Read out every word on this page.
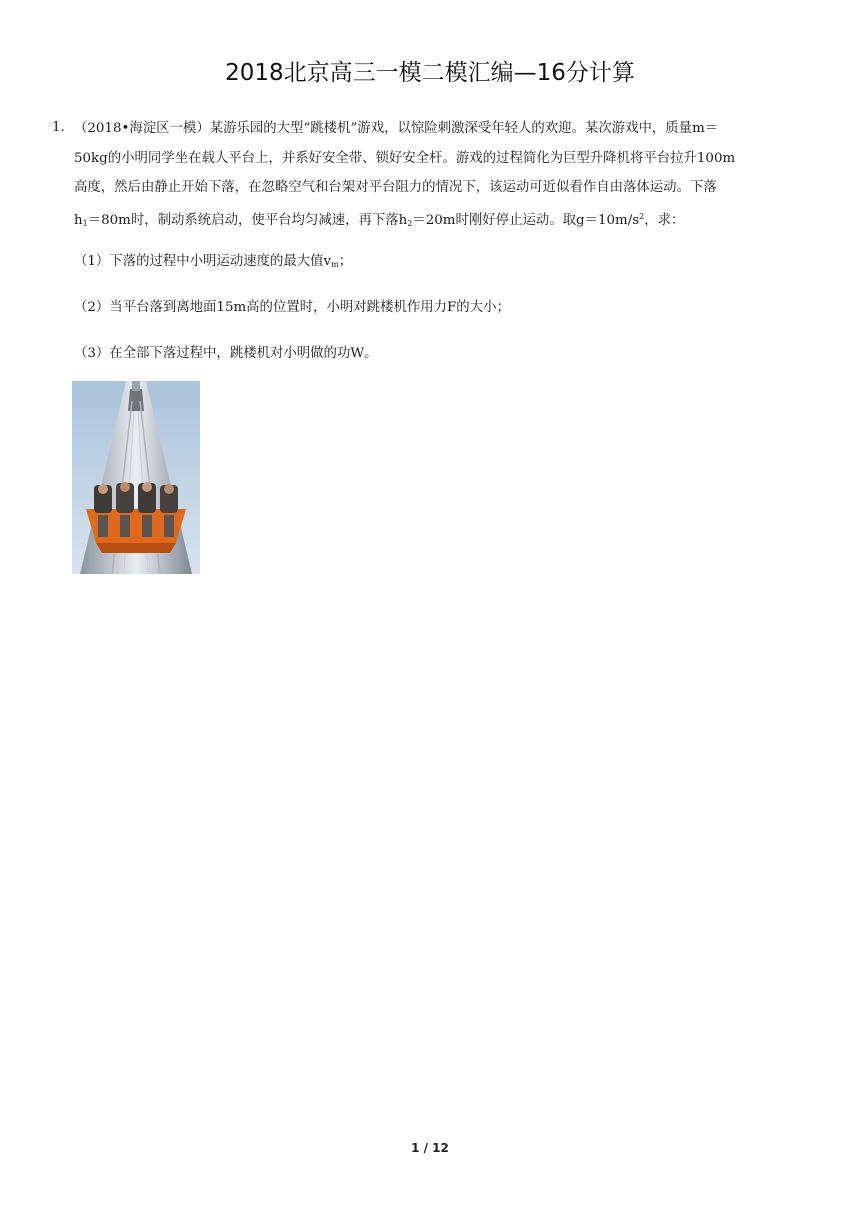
2018北京高三一模二模汇编—16分计算
1. （2018•海淀区一模）某游乐园的大型“跳楼机”游戏，以惊险刺激深受年轻人的欢迎。某次游戏中，质量m＝
50kg的小明同学坐在载人平台上，并系好安全带、锁好安全杆。游戏的过程简化为巨型升降机将平台拉升100m
高度，然后由静止开始下落，在忽略空气和台架对平台阻力的情况下，该运动可近似看作自由落体运动。下落
$h_1=80m$时，制动系统启动，使平台均匀减速，再下落$h_2=20m$时刚好停止运动。取$g=10m/s^2$，求：
（1）下落的过程中小明运动速度的最大值$v_m$；
（2）当平台落到离地面15m高的位置时，小明对跳楼机作用力F的大小；
（3）在全部下落过程中，跳楼机对小明做的功W。
1 / 12
